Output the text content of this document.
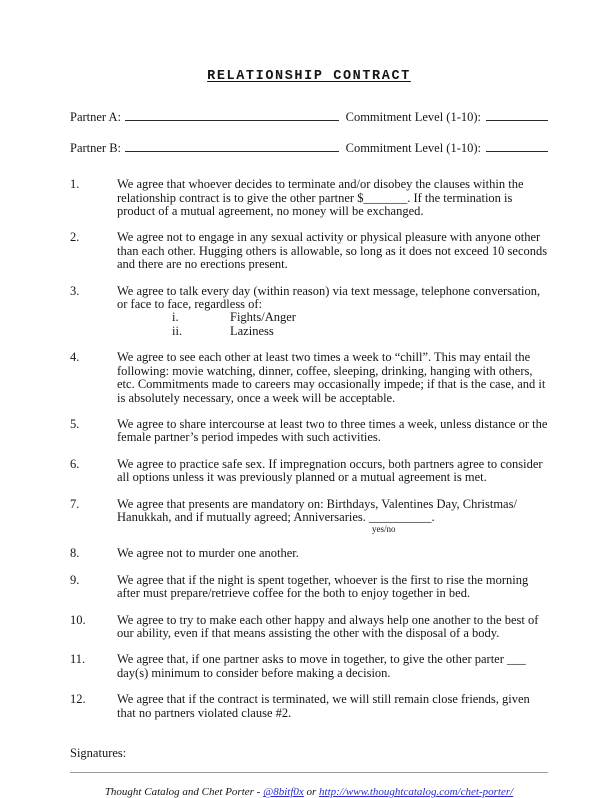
RELATIONSHIP CONTRACT
Partner A:	Commitment Level (1-10):
Partner B:	Commitment Level (1-10):
1.	We agree that whoever decides to terminate and/or disobey the clauses within the relationship contract is to give the other partner $_______. If the termination is product of a mutual agreement, no money will be exchanged.
2.	We agree not to engage in any sexual activity or physical pleasure with anyone other than each other. Hugging others is allowable, so long as it does not exceed 10 seconds and there are no erections present.
3.	We agree to talk every day (within reason) via text message, telephone conversation, or face to face, regardless of:
i.	Fights/Anger
ii.	Laziness
4.	We agree to see each other at least two times a week to “chill”. This may entail the following: movie watching, dinner, coffee, sleeping, drinking, hanging with others, etc. Commitments made to careers may occasionally impede; if that is the case, and it is absolutely necessary, once a week will be acceptable.
5.	We agree to share intercourse at least two to three times a week, unless distance or the female partner’s period impedes with such activities.
6.	We agree to practice safe sex. If impregnation occurs, both partners agree to consider all options unless it was previously planned or a mutual agreement is met.
7.	We agree that presents are mandatory on: Birthdays, Valentines Day, Christmas/ Hanukkah, and if mutually agreed; Anniversaries. __________.
yes/no
8.	We agree not to murder one another.
9.	We agree that if the night is spent together, whoever is the first to rise the morning after must prepare/retrieve coffee for the both to enjoy together in bed.
10.	We agree to try to make each other happy and always help one another to the best of our ability, even if that means assisting the other with the disposal of a body.
11.	We agree that, if one partner asks to move in together, to give the other parter ___ day(s) minimum to consider before making a decision.
12.	We agree that if the contract is terminated, we will still remain close friends, given that no partners violated clause #2.
Signatures:
Thought Catalog and Chet Porter - @8bitf0x or http://www.thoughtcatalog.com/chet-porter/
